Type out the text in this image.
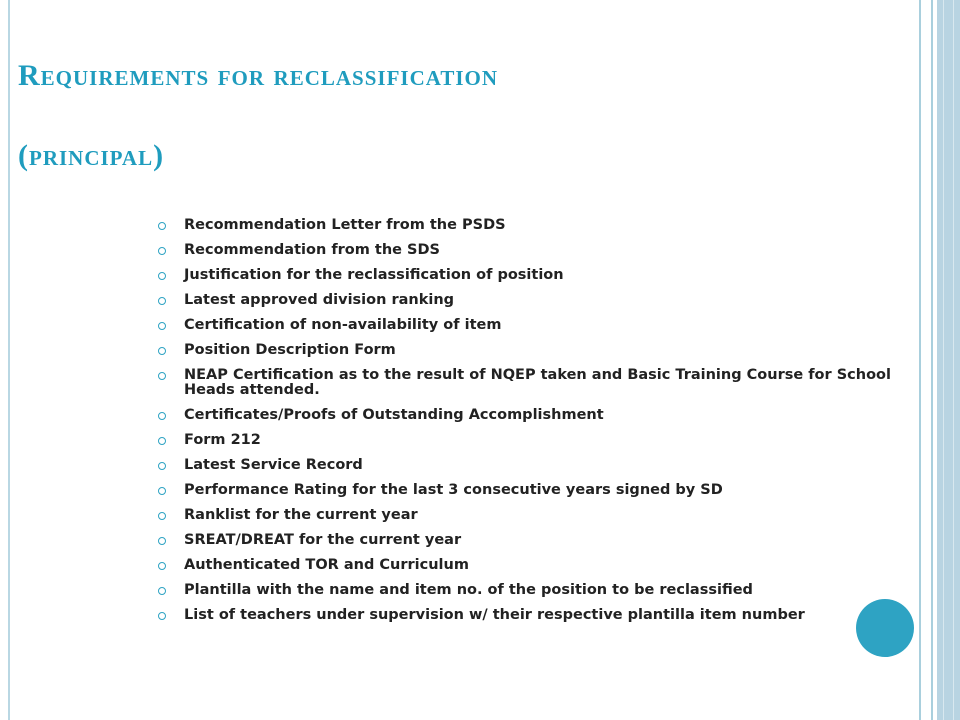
Requirements for reclassification
(principal)
Recommendation Letter from the PSDS
Recommendation from the SDS
Justification for the reclassification of position
Latest approved division ranking
Certification of non-availability of item
Position Description Form
NEAP Certification as to the result of NQEP taken and Basic Training Course for School Heads attended.
Certificates/Proofs of Outstanding Accomplishment
Form 212
Latest Service Record
Performance Rating for the last 3 consecutive years signed by SD
Ranklist for the current year
SREAT/DREAT for the current year
Authenticated TOR and Curriculum
Plantilla with the name and item no. of the position to be reclassified
List of teachers under supervision w/ their respective plantilla item number
